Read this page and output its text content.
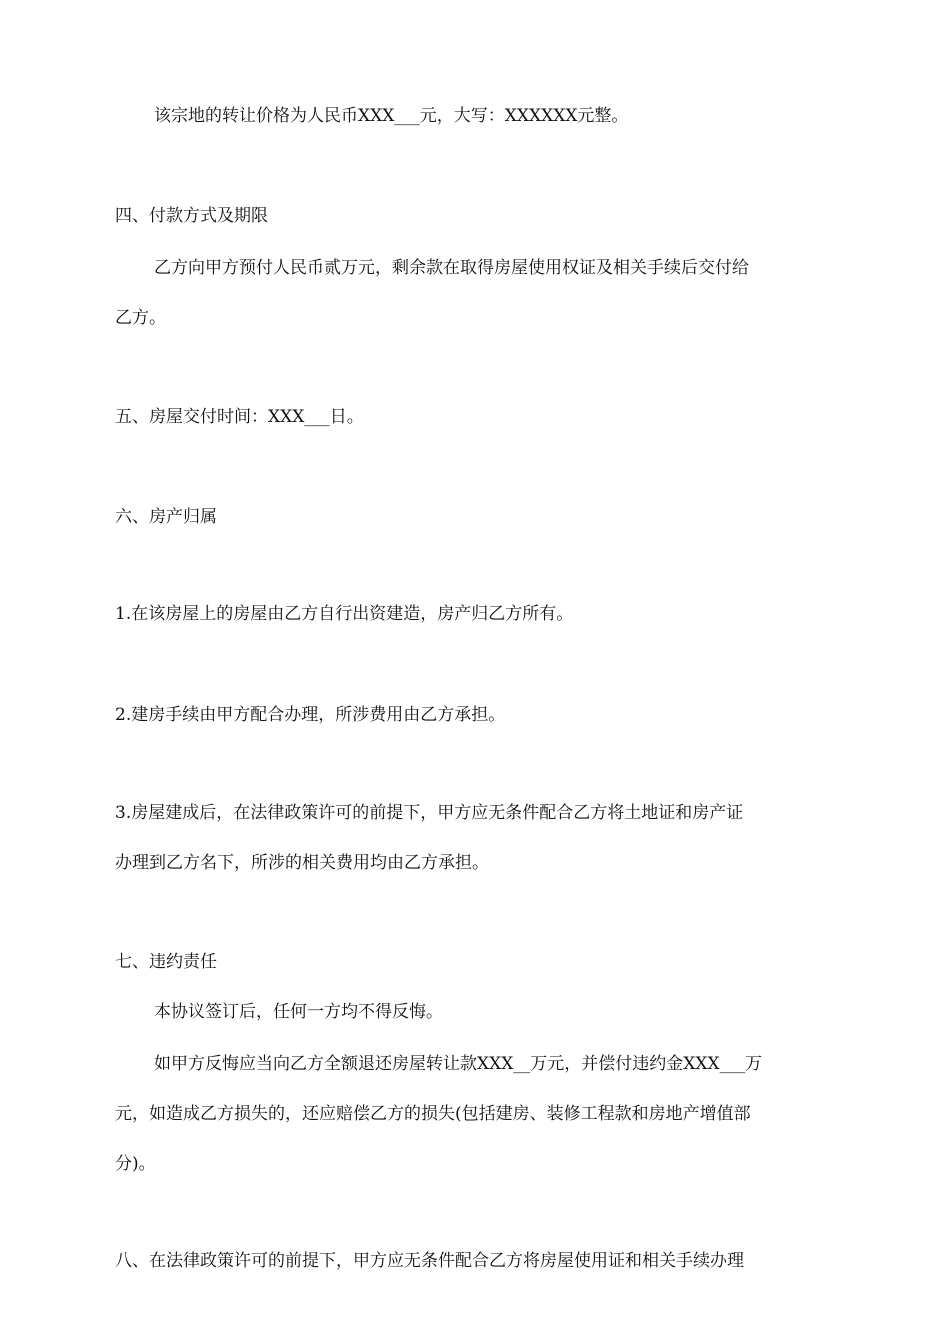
该宗地的转让价格为人民币XXX___元，大写：XXXXXX元整。
四、付款方式及期限
乙方向甲方预付人民币贰万元，剩余款在取得房屋使用权证及相关手续后交付给
乙方。
五、房屋交付时间：XXX___日。
六、房产归属
1.在该房屋上的房屋由乙方自行出资建造，房产归乙方所有。
2.建房手续由甲方配合办理，所涉费用由乙方承担。
3.房屋建成后，在法律政策许可的前提下，甲方应无条件配合乙方将土地证和房产证
办理到乙方名下，所涉的相关费用均由乙方承担。
七、违约责任
本协议签订后，任何一方均不得反悔。
如甲方反悔应当向乙方全额退还房屋转让款XXX__万元，并偿付违约金XXX___万
元，如造成乙方损失的，还应赔偿乙方的损失(包括建房、装修工程款和房地产增值部
分)。
八、在法律政策许可的前提下，甲方应无条件配合乙方将房屋使用证和相关手续办理
